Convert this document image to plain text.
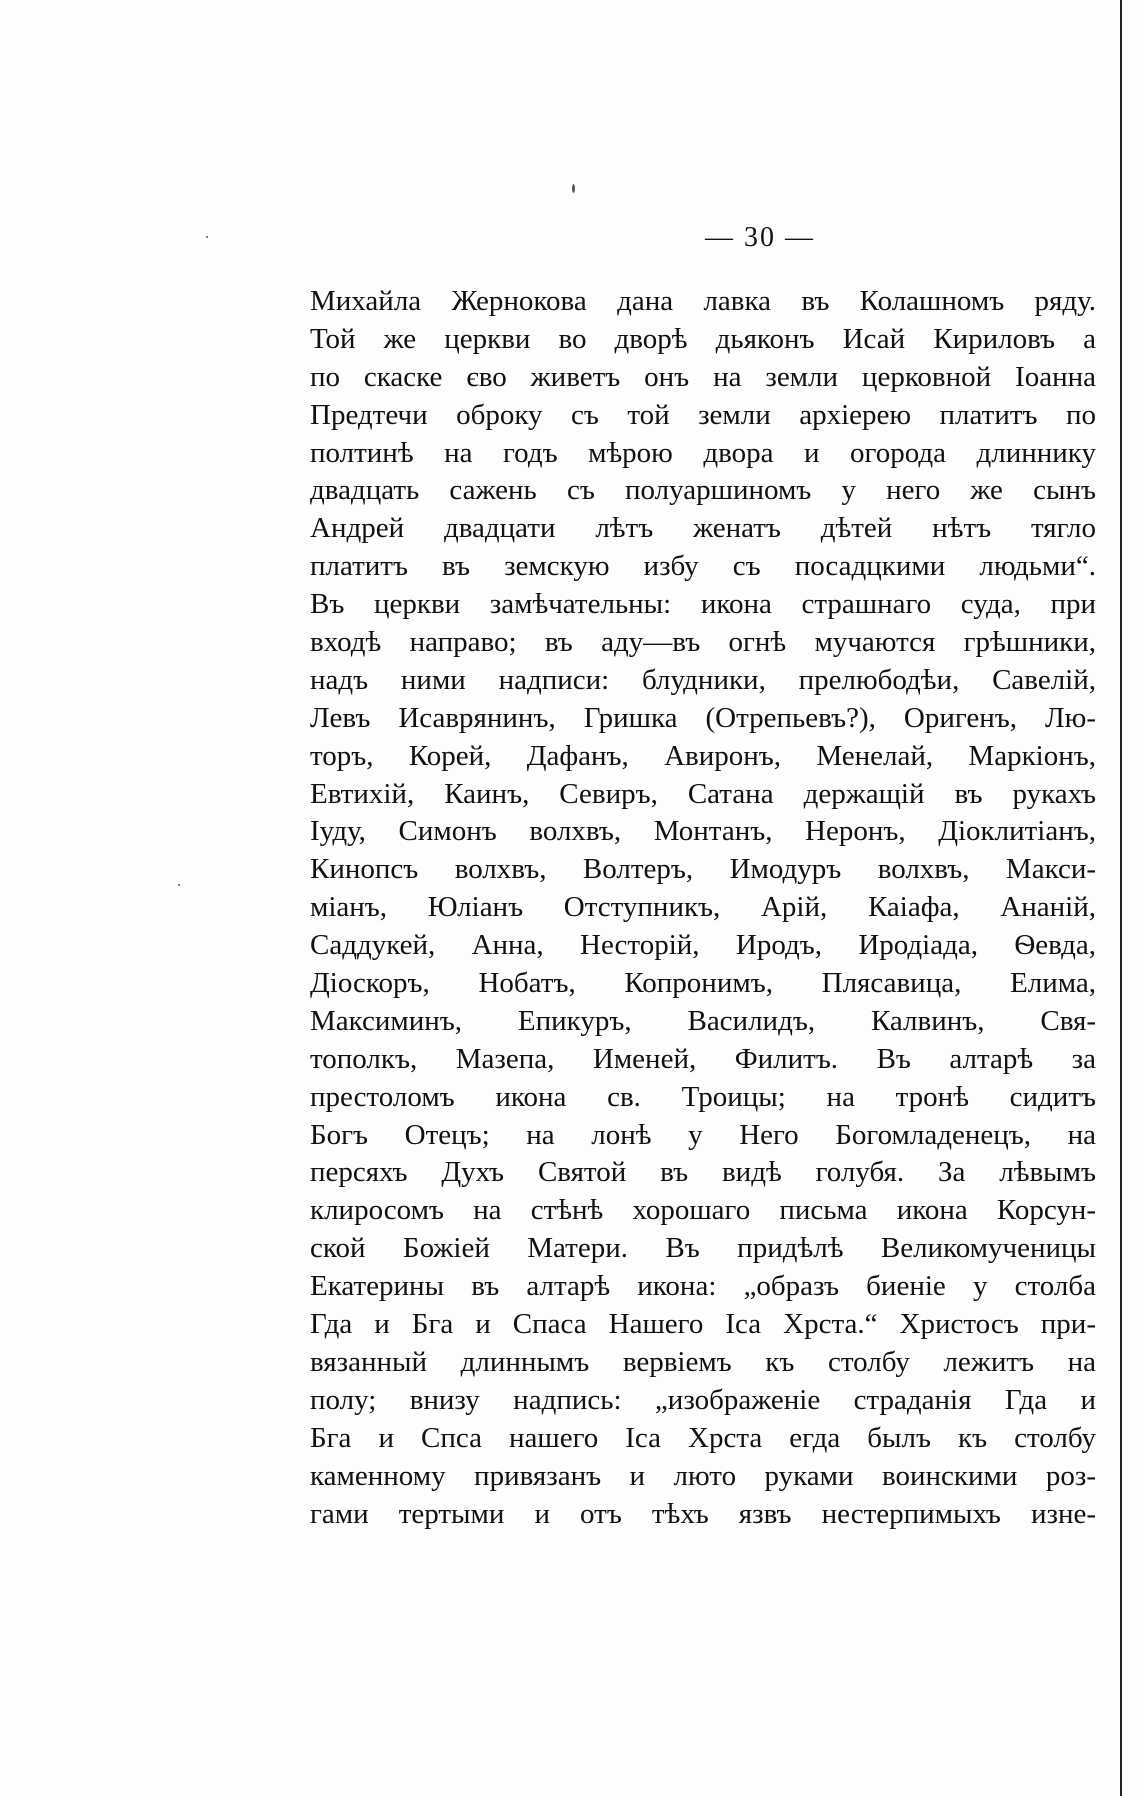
— 30 —
Михайла Жернокова дана лавка въ Колашномъ ряду.
Той же церкви во дворѣ дьяконъ Исай Кириловъ а
по скаске єво живетъ онъ на земли церковной Іоанна
Предтечи оброку съ той земли архіерею платитъ по
полтинѣ на годъ мѣрою двора и огорода длиннику
двадцать сажень съ полуаршиномъ у него же сынъ
Андрей двадцати лѣтъ женатъ дѣтей нѣтъ тягло
платитъ въ земскую избу съ посадцкими людьми“.
Въ церкви замѣчательны: икона страшнаго суда, при
входѣ направо; въ аду—въ огнѣ мучаются грѣшники,
надъ ними надписи: блудники, прелюбодѣи, Савелій,
Левъ Исаврянинъ, Гришка (Отрепьевъ?), Оригенъ, Лю-
торъ, Корей, Дафанъ, Авиронъ, Менелай, Маркіонъ,
Евтихій, Каинъ, Севиръ, Сатана держащій въ рукахъ
Іуду, Симонъ волхвъ, Монтанъ, Неронъ, Діоклитіанъ,
Кинопсъ волхвъ, Волтеръ, Имодуръ волхвъ, Макси-
міанъ, Юліанъ Отступникъ, Арій, Каіафа, Ананій,
Саддукей, Анна, Несторій, Иродъ, Иродіада, Ѳевда,
Діоскоръ, Нобатъ, Копронимъ, Плясавица, Елима,
Максиминъ, Епикуръ, Василидъ, Калвинъ, Свя-
тополкъ, Мазепа, Именей, Филитъ. Въ алтарѣ за
престоломъ икона св. Троицы; на тронѣ сидитъ
Богъ Отецъ; на лонѣ у Него Богомладенецъ, на
персяхъ Духъ Святой въ видѣ голубя. За лѣвымъ
клиросомъ на стѣнѣ хорошаго письма икона Корсун-
ской Божіей Матери. Въ придѣлѣ Великомученицы
Екатерины въ алтарѣ икона: „образъ биеніе у столба
Гда и Бга и Спаса Нашего Іса Хрста.“ Христосъ при-
вязанный длиннымъ вервіемъ къ столбу лежитъ на
полу; внизу надпись: „изображеніе страданія Гда и
Бга и Спса нашего Іса Хрста егда былъ къ столбу
каменному привязанъ и люто руками воинскими роз-
гами тертыми и отъ тѣхъ язвъ нестерпимыхъ изне-
